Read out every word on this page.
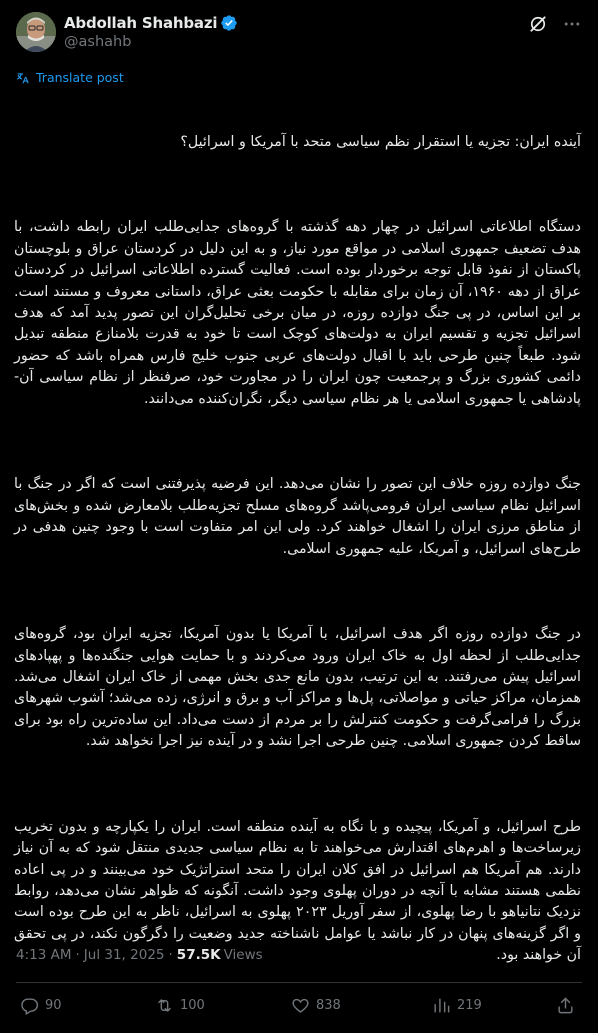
Abdollah Shahbazi
@ashahb
Translate post

آینده ایران: تجزیه یا استقرار نظم سیاسی متحد با آمریکا و اسرائیل؟

دستگاه اطلاعاتی اسرائیل در چهار دهه گذشته با گروه‌های جدایی‌طلب ایران رابطه داشت، با هدف تضعیف جمهوری اسلامی در مواقع مورد نیاز، و به این دلیل در کردستان عراق و بلوچستان پاکستان از نفوذ قابل توجه برخوردار بوده است. فعالیت گسترده اطلاعاتی اسرائیل در کردستان عراق از دهه ۱۹۶۰، آن زمان برای مقابله با حکومت بعثی عراق، داستانی معروف و مستند است. بر این اساس، در پی جنگ دوازده روزه، در میان برخی تحلیل‌گران این تصور پدید آمد که هدف اسرائیل تجزیه و تقسیم ایران به دولت‌های کوچک است تا خود به قدرت بلامنازع منطقه تبدیل شود. طبعاً چنین طرحی باید با اقبال دولت‌های عربی جنوب خلیج فارس همراه باشد که حضور دائمی کشوری بزرگ و پرجمعیت چون ایران را در مجاورت خود، صرفنظر از نظام سیاسی آن- پادشاهی یا جمهوری اسلامی یا هر نظام سیاسی دیگر، نگران‌کننده می‌دانند.

جنگ دوازده روزه خلاف این تصور را نشان می‌دهد. این فرضیه پذیرفتنی است که اگر در جنگ با اسرائیل نظام سیاسی ایران فرومی‌پاشد گروه‌های مسلح تجزیه‌طلب بلامعارض شده و بخش‌های از مناطق مرزی ایران را اشغال خواهند کرد. ولی این امر متفاوت است با وجود چنین هدفی در طرح‌های اسرائیل، و آمریکا، علیه جمهوری اسلامی.

در جنگ دوازده روزه اگر هدف اسرائیل، با آمریکا یا بدون آمریکا، تجزیه ایران بود، گروه‌های جدایی‌طلب از لحظه اول به خاک ایران ورود می‌کردند و با حمایت هوایی جنگنده‌ها و پهپادهای اسرائیل پیش می‌رفتند. به این ترتیب، بدون مانع جدی بخش مهمی از خاک ایران اشغال می‌شد. همزمان، مراکز حیاتی و مواصلاتی، پل‌ها و مراکز آب و برق و انرژی، زده می‌شد؛ آشوب شهرهای بزرگ را فرامی‌گرفت و حکومت کنترلش را بر مردم از دست می‌داد. این ساده‌ترین راه بود برای ساقط کردن جمهوری اسلامی. چنین طرحی اجرا نشد و در آینده نیز اجرا نخواهد شد.

طرح اسرائیل، و آمریکا، پیچیده و با نگاه به آینده منطقه است. ایران را یکپارچه و بدون تخریب زیرساخت‌ها و اهرم‌های اقتدارش می‌خواهند تا به نظام سیاسی جدیدی منتقل شود که به آن نیاز دارند. هم آمریکا هم اسرائیل در افق کلان ایران را متحد استراتژیک خود می‌بینند و در پی اعاده نظمی هستند مشابه با آنچه در دوران پهلوی وجود داشت. آنگونه که ظواهر نشان می‌دهد، روابط نزدیک نتانیاهو با رضا پهلوی، از سفر آوریل ۲۰۲۳ پهلوی به اسرائیل، ناظر به این طرح بوده است و اگر گزینه‌های پنهان در کار نباشد یا عوامل ناشناخته جدید وضعیت را دگرگون نکند، در پی تحقق آن خواهند بود.

4:13 AM · Jul 31, 2025 · 57.5K Views
90	100	838	219
